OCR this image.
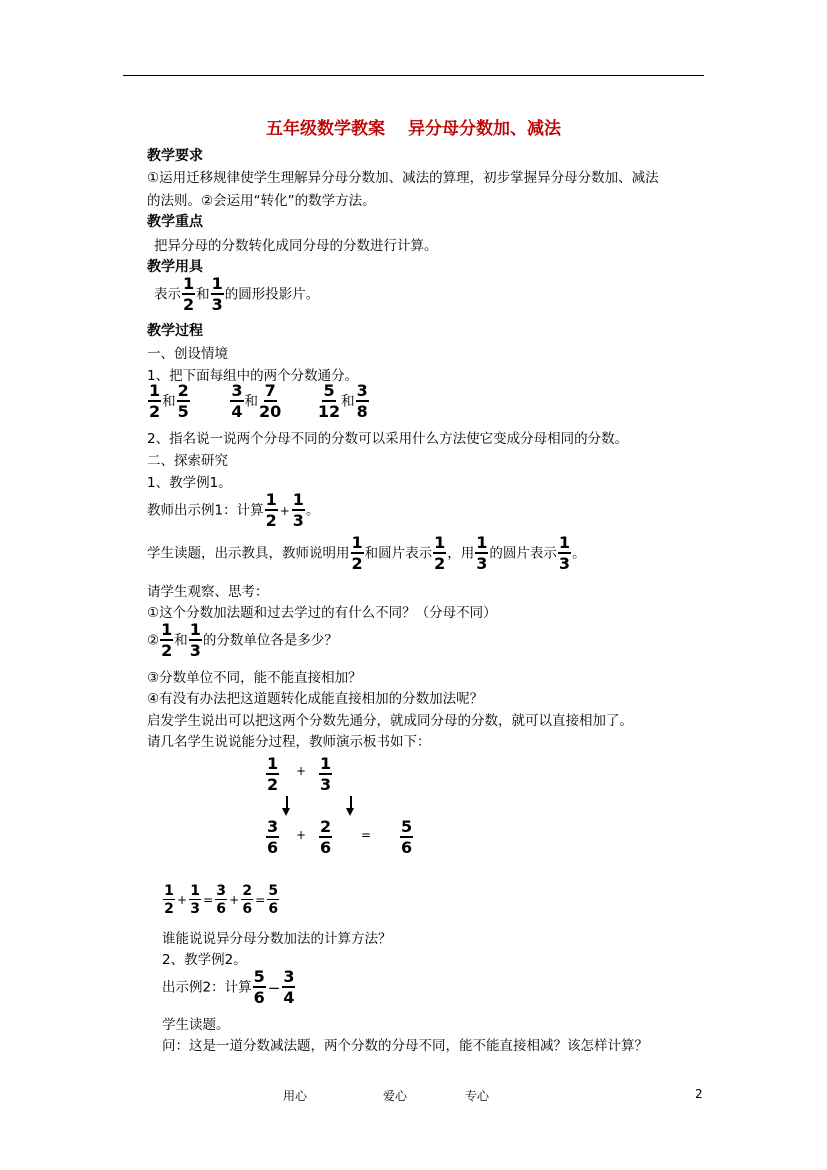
五年级数学教案　 异分母分数加、减法
教学要求
①运用迁移规律使学生理解异分母分数加、减法的算理，初步掌握异分母分数加、减法
的法则。②会运用“转化”的数学方法。
教学重点
把异分母的分数转化成同分母的分数进行计算。
教学用具
表示 $\frac{1}{2}$ 和 $\frac{1}{3}$ 的圆形投影片。
教学过程
一、创设情境
1、把下面每组中的两个分数通分。
$\frac{1}{2}$ 和 $\frac{2}{5}$
	$\frac{3}{4}$ 和 $\frac{7}{20}$
$\frac{5}{12}$ 和 $\frac{3}{8}$
2、指名说一说两个分母不同的分数可以采用什么方法使它变成分母相同的分数。
二、探索研究
1、教学例1。
教师出示例1：计算 $\frac{1}{2} + \frac{1}{3}$ 。
学生读题，出示教具，教师说明用 $\frac{1}{2}$ 和圆片表示 $\frac{1}{2}$ ，用 $\frac{1}{3}$ 的圆片表示 $\frac{1}{3}$ 。
请学生观察、思考：
①这个分数加法题和过去学过的有什么不同？（分母不同）
② $\frac{1}{2}$ 和 $\frac{1}{3}$ 的分数单位各是多少？
③分数单位不同，能不能直接相加？
④有没有办法把这道题转化成能直接相加的分数加法呢？
启发学生说出可以把这两个分数先通分，就成同分母的分数，就可以直接相加了。
请几名学生说说能分过程，教师演示板书如下：
$\frac{1}{2} + \frac{1}{3}$
$\frac{3}{6} + \frac{2}{6} = \frac{5}{6}$
$\frac{1}{2} + \frac{1}{3} = \frac{3}{6} + \frac{2}{6} = \frac{5}{6}$
谁能说说异分母分数加法的计算方法？
2、教学例2。
出示例2：计算 $\frac{5}{6} - \frac{3}{4}$
学生读题。
问：这是一道分数减法题，两个分数的分母不同，能不能直接相减？该怎样计算？
用心	爱心	专心	2
